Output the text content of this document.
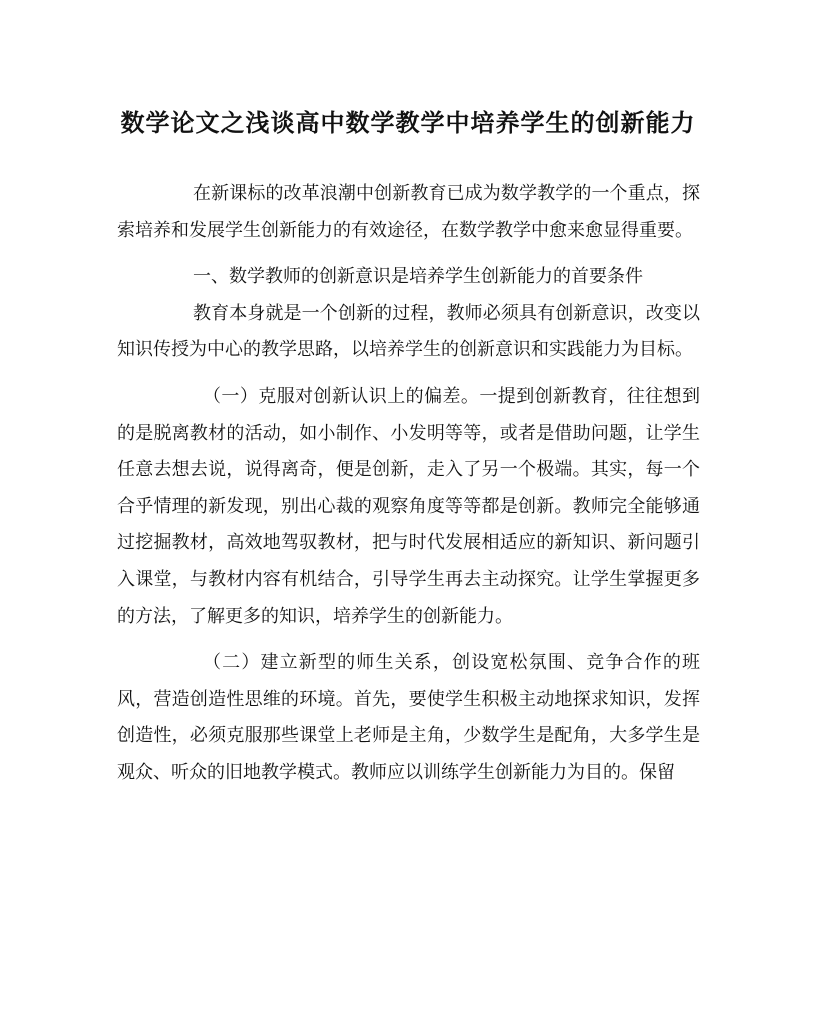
数学论文之浅谈高中数学教学中培养学生的创新能力

在新课标的改革浪潮中创新教育已成为数学教学的一个重点，探索培养和发展学生创新能力的有效途径，在数学教学中愈来愈显得重要。

一、数学教师的创新意识是培养学生创新能力的首要条件

教育本身就是一个创新的过程，教师必须具有创新意识，改变以知识传授为中心的教学思路，以培养学生的创新意识和实践能力为目标。

（一）克服对创新认识上的偏差。一提到创新教育，往往想到的是脱离教材的活动，如小制作、小发明等等，或者是借助问题，让学生任意去想去说，说得离奇，便是创新，走入了另一个极端。其实，每一个合乎情理的新发现，别出心裁的观察角度等等都是创新。教师完全能够通过挖掘教材，高效地驾驭教材，把与时代发展相适应的新知识、新问题引入课堂，与教材内容有机结合，引导学生再去主动探究。让学生掌握更多的方法，了解更多的知识，培养学生的创新能力。

（二）建立新型的师生关系，创设宽松氛围、竞争合作的班风，营造创造性思维的环境。首先，要使学生积极主动地探求知识，发挥创造性，必须克服那些课堂上老师是主角，少数学生是配角，大多学生是观众、听众的旧地教学模式。教师应以训练学生创新能力为目的。保留
